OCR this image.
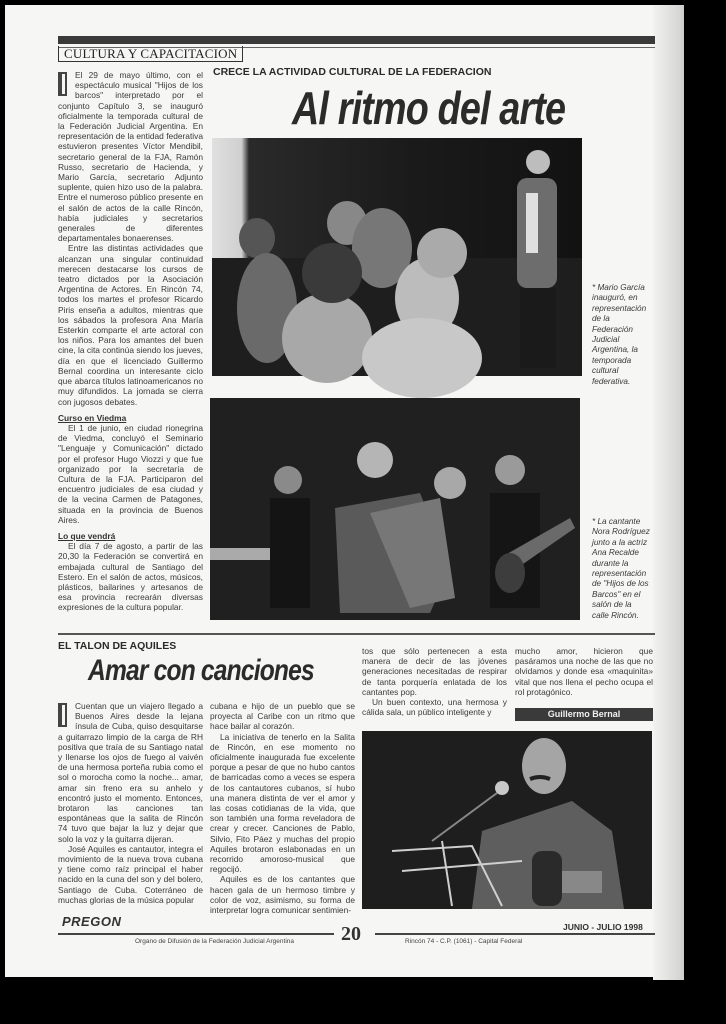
CULTURA Y CAPACITACION
CRECE LA ACTIVIDAD CULTURAL DE LA FEDERACION
Al ritmo del arte

El 29 de mayo último, con el espectáculo musical "Hijos de los barcos" interpretado por el conjunto Capítulo 3, se inauguró oficialmente la temporada cultural de la Federación Judicial Argentina. En representación de la entidad federativa estuvieron presentes Víctor Mendibil, secretario general de la FJA, Ramón Russo, secretario de Hacienda, y Mario García, secretario Adjunto suplente, quien hizo uso de la palabra. Entre el numeroso público presente en el salón de actos de la calle Rincón, había judiciales y secretarios generales de diferentes departamentales bonaerenses.

Entre las distintas actividades que alcanzan una singular continuidad merecen destacarse los cursos de teatro dictados por la Asociación Argentina de Actores. En Rincón 74, todos los martes el profesor Ricardo Piris enseña a adultos, mientras que los sábados la profesora Ana María Esterkin comparte el arte actoral con los niños. Para los amantes del buen cine, la cita continúa siendo los jueves, día en que el licenciado Guillermo Bernal coordina un interesante ciclo que abarca títulos latinoamericanos no muy difundidos. La jornada se cierra con jugosos debates.

Curso en Viedma

El 1 de junio, en ciudad rionegrina de Viedma, concluyó el Seminario "Lenguaje y Comunicación" dictado por el profesor Hugo Viozzi y que fue organizado por la secretaría de Cultura de la FJA. Participaron del encuentro judiciales de esa ciudad y de la vecina Carmen de Patagones, situada en la provincia de Buenos Aires.

Lo que vendrá

El día 7 de agosto, a partir de las 20,30 la Federación se convertirá en embajada cultural de Santiago del Estero. En el salón de actos, músicos, plásticos, bailarines y artesanos de esa provincia recrearán diversas expresiones de la cultura popular.

* Mario García inauguró, en representación de la Federación Judicial Argentina, la temporada cultural federativa.
* La cantante Nora Rodríguez junto a la actriz Ana Recalde durante la representación de "Hijos de los Barcos" en el salón de la calle Rincón.
EL TALON DE AQUILES
Amar con canciones

Cuentan que un viajero llegado a Buenos Aires desde la lejana ínsula de Cuba, quiso desquitarse a guitarrazo limpio de la carga de RH positiva que traía de su Santiago natal y llenarse los ojos de fuego al vaivén de una hermosa porteña rubia como el sol o morocha como la noche... amar, amar sin freno era su anhelo y encontró justo el momento. Entonces, brotaron las canciones tan espontáneas que la salita de Rincón 74 tuvo que bajar la luz y dejar que solo la voz y la guitarra dijeran.

José Aquiles es cantautor, integra el movimiento de la nueva trova cubana y tiene como raíz principal el haber nacido en la cuna del son y del bolero, Santiago de Cuba. Coterráneo de muchas glorias de la música popular

cubana e hijo de un pueblo que se proyecta al Caribe con un ritmo que hace bailar al corazón.

La iniciativa de tenerlo en la Salita de Rincón, en ese momento no oficialmente inaugurada fue excelente porque a pesar de que no hubo cantos de barricadas como a veces se espera de los cantautores cubanos, sí hubo una manera distinta de ver el amor y las cosas cotidianas de la vida, que son también una forma reveladora de crear y crecer. Canciones de Pablo, Silvio, Fito Páez y muchas del propio Aquiles brotaron eslabonadas en un recorrido amoroso-musical que regocijó.

Aquiles es de los cantantes que hacen gala de un hermoso timbre y color de voz, asimismo, su forma de interpretar logra comunicar sentimien-

tos que sólo pertenecen a esta manera de decir de las jóvenes generaciones necesitadas de respirar de tanta porquería enlatada de los cantantes pop.

Un buen contexto, una hermosa y cálida sala, un público inteligente y

mucho amor, hicieron que pasáramos una noche de las que no olvidamos y donde esa «maquinita» vital que nos llena el pecho ocupa el rol protagónico.

Guillermo Bernal
PREGON
Organo de Difusión de la Federación Judicial Argentina 20	Rincón 74 - C.P. (1061) - Capital Federal
JUNIO - JULIO 1998
